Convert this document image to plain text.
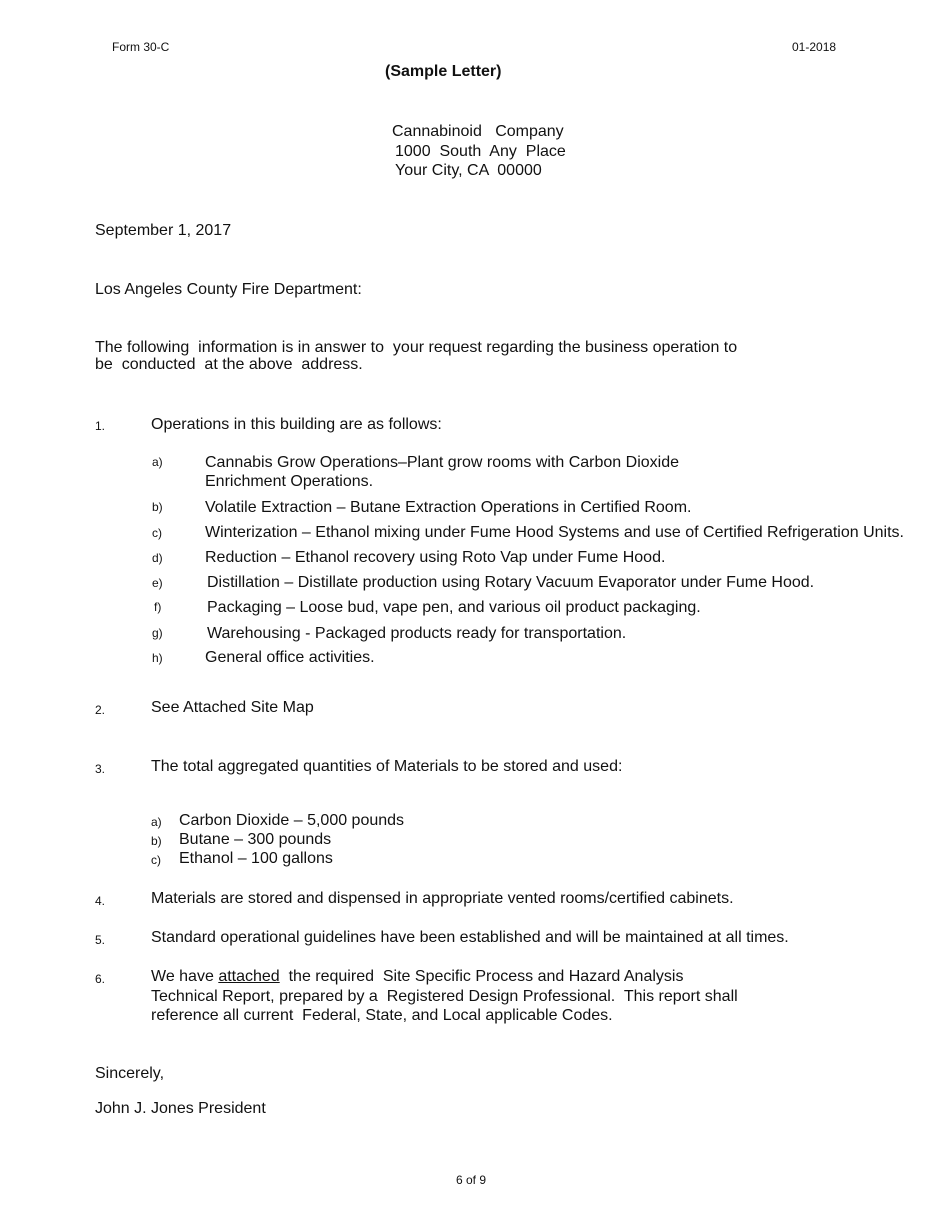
Form 30-C	01-2018
(Sample Letter)
Cannabinoid   Company
1000  South  Any  Place
Your City, CA  00000
September 1, 2017
Los Angeles County Fire Department:
The following  information is in answer to  your request regarding the business operation to
be  conducted  at the above  address.
1.	Operations in this building are as follows:
a)	Cannabis Grow Operations–Plant grow rooms with Carbon Dioxide
Enrichment Operations.
b)	Volatile Extraction – Butane Extraction Operations in Certified Room.
c)	Winterization – Ethanol mixing under Fume Hood Systems and use of Certified Refrigeration Units.
d)	Reduction – Ethanol recovery using Roto Vap under Fume Hood.
e)	Distillation – Distillate production using Rotary Vacuum Evaporator under Fume Hood.
f)	Packaging – Loose bud, vape pen, and various oil product packaging.
g)	Warehousing - Packaged products ready for transportation.
h)	General office activities.
2.	See Attached Site Map
3.	The total aggregated quantities of Materials to be stored and used:
a) Carbon Dioxide – 5,000 pounds
b) Butane – 300 pounds
c) Ethanol – 100 gallons
4.	Materials are stored and dispensed in appropriate vented rooms/certified cabinets.
5.	Standard operational guidelines have been established and will be maintained at all times.
6.	We have attached the required  Site Specific Process and Hazard Analysis
Technical Report, prepared by a  Registered Design Professional.  This report shall
reference all current  Federal, State, and Local applicable Codes.
Sincerely,
John J. Jones President
6 of 9
